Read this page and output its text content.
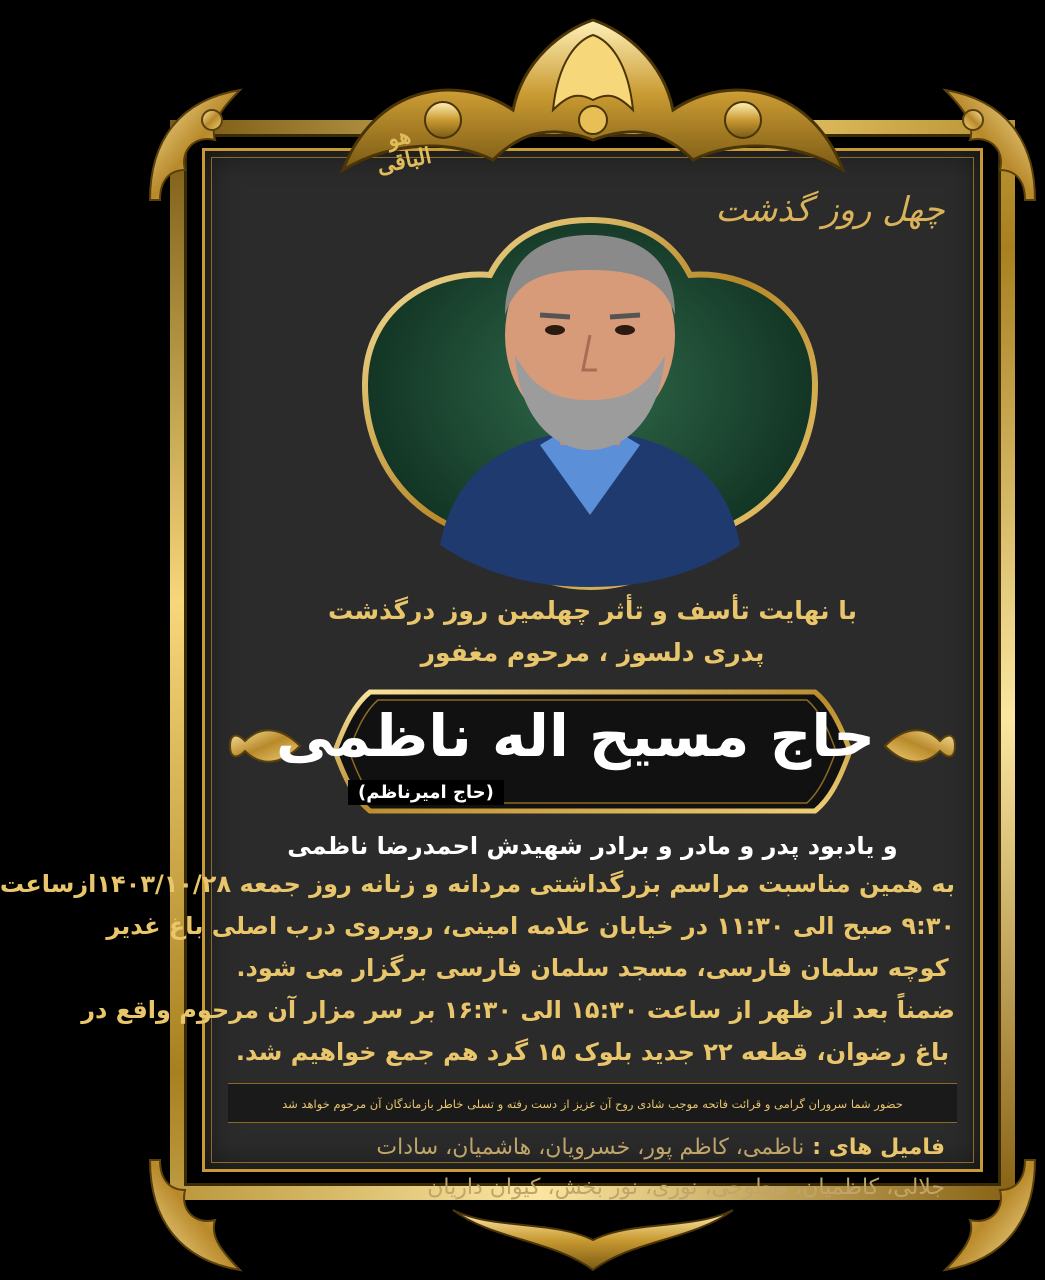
هو الباقی
چهل روز گذشت
با نهایت تأسف و تأثر چهلمین روز درگذشت
پدری دلسوز ، مرحوم مغفور
حاج مسیح اله ناظمی
(حاج امیرناظم)
و یادبود پدر و مادر و برادر شهیدش احمدرضا ناظمی
به همین مناسبت مراسم بزرگداشتی مردانه و زنانه روز جمعه ۱۴۰۳/۱۰/۲۸ازساعت
۹:۳۰ صبح الی ۱۱:۳۰ در خیابان علامه امینی، روبروی درب اصلی باغ غدیر
کوچه سلمان فارسی، مسجد سلمان فارسی برگزار می شود.
ضمناً بعد از ظهر از ساعت ۱۵:۳۰ الی ۱۶:۳۰ بر سر مزار آن مرحوم واقع در
باغ رضوان، قطعه ۲۲ جدید بلوک ۱۵ گرد هم جمع خواهیم شد.
حضور شما سروران گرامی و قرائت فاتحه موجب شادی روح آن عزیز از دست رفته و تسلی خاطر بازماندگان آن مرحوم خواهد شد
فامیل های :ناظمی، کاظم پور، خسرویان، هاشمیان، سادات
جلالی، کاظمیان، محلوجی، نوری، نور بخش، کیوان داریان
